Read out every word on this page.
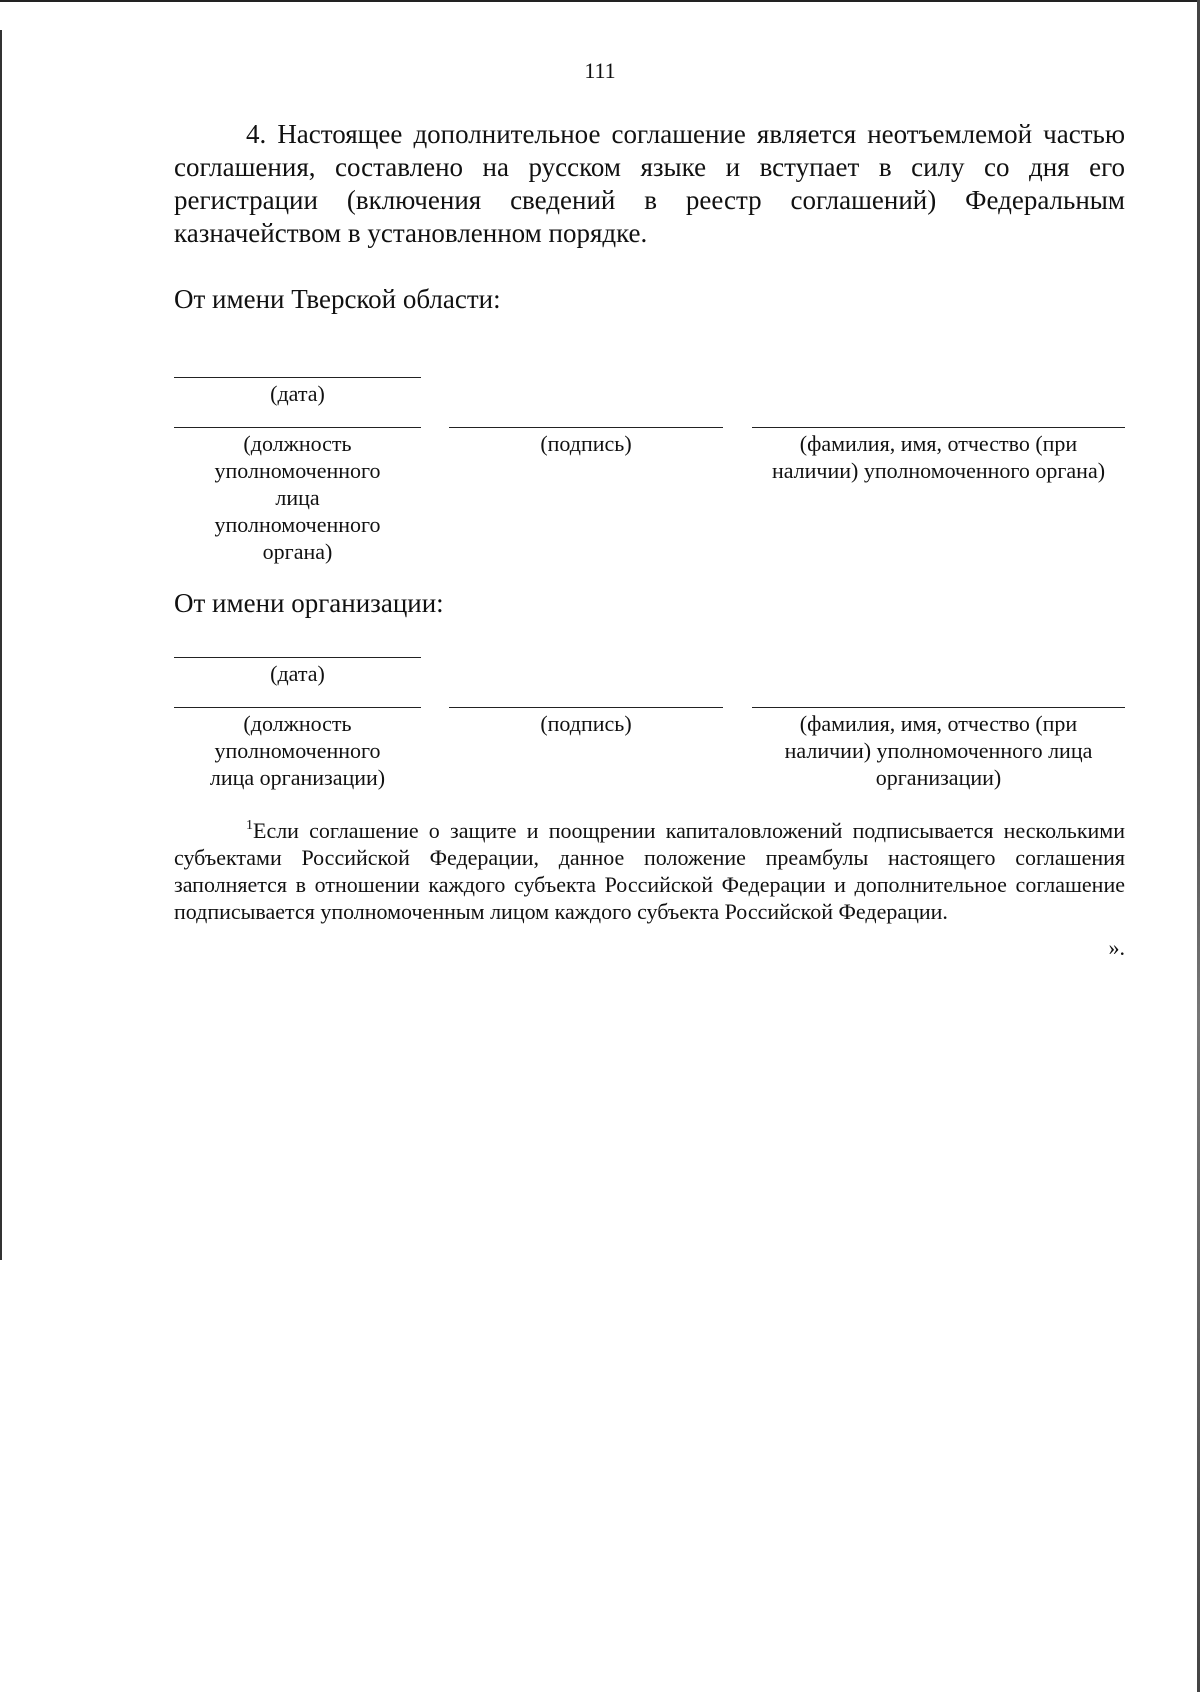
111

4. Настоящее дополнительное соглашение является неотъемлемой частью соглашения, составлено на русском языке и вступает в силу со дня его регистрации (включения сведений в реестр соглашений) Федеральным казначейством в установленном порядке.

От имени Тверской области:

(дата)
(должность уполномоченного лица уполномоченного органа)
(подпись)	(фамилия, имя, отчество (при наличии) уполномоченного органа)

От имени организации:

(дата)
(должность уполномоченного лица организации)
(подпись)	(фамилия, имя, отчество (при наличии) уполномоченного лица организации)

$^1$Если соглашение о защите и поощрении капиталовложений подписывается несколькими субъектами Российской Федерации, данное положение преамбулы настоящего соглашения заполняется в отношении каждого субъекта Российской Федерации и дополнительное соглашение подписывается уполномоченным лицом каждого субъекта Российской Федерации.

».
